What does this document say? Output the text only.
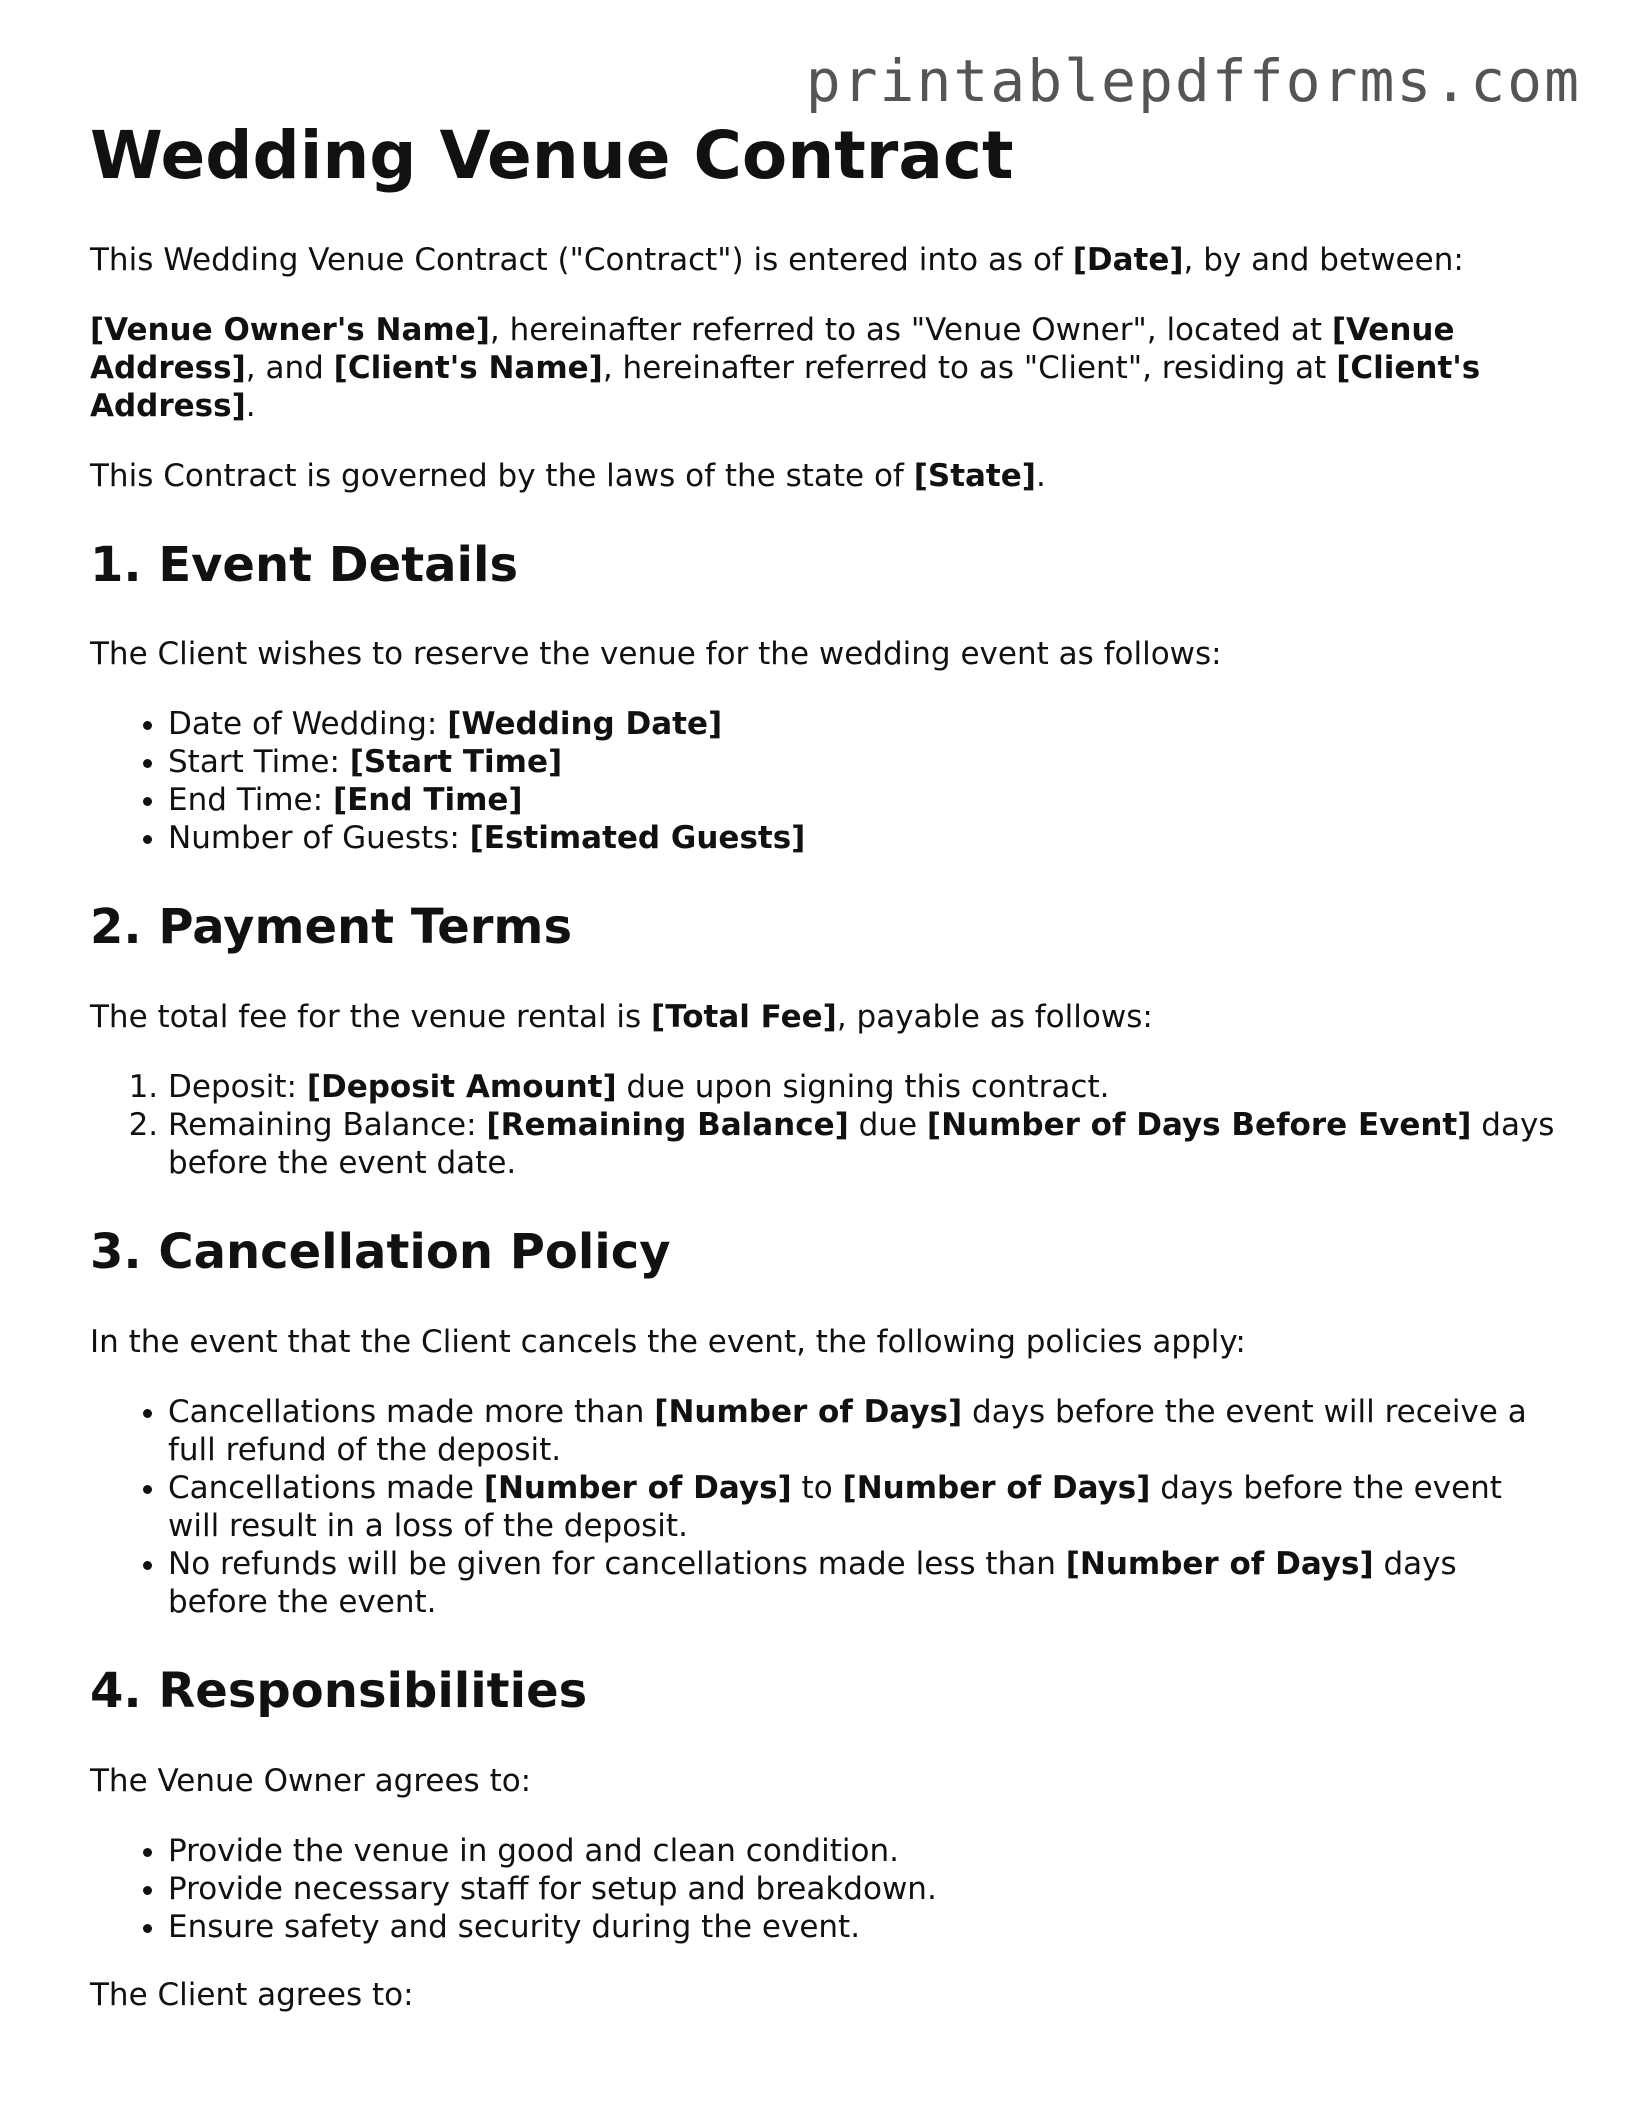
printablepdfforms.com
Wedding Venue Contract

This Wedding Venue Contract ("Contract") is entered into as of [Date], by and between:

[Venue Owner's Name], hereinafter referred to as "Venue Owner", located at [Venue Address], and [Client's Name], hereinafter referred to as "Client", residing at [Client's Address].

This Contract is governed by the laws of the state of [State].

1. Event Details

The Client wishes to reserve the venue for the wedding event as follows:

• Date of Wedding: [Wedding Date]
• Start Time: [Start Time]
• End Time: [End Time]
• Number of Guests: [Estimated Guests]
2. Payment Terms

The total fee for the venue rental is [Total Fee], payable as follows:

1. Deposit: [Deposit Amount] due upon signing this contract.
2. Remaining Balance: [Remaining Balance] due [Number of Days Before Event] days before the event date.
3. Cancellation Policy

In the event that the Client cancels the event, the following policies apply:

• Cancellations made more than [Number of Days] days before the event will receive a full refund of the deposit.
• Cancellations made [Number of Days] to [Number of Days] days before the event will result in a loss of the deposit.
• No refunds will be given for cancellations made less than [Number of Days] days before the event.
4. Responsibilities

The Venue Owner agrees to:

• Provide the venue in good and clean condition.
• Provide necessary staff for setup and breakdown.
• Ensure safety and security during the event.

The Client agrees to:
